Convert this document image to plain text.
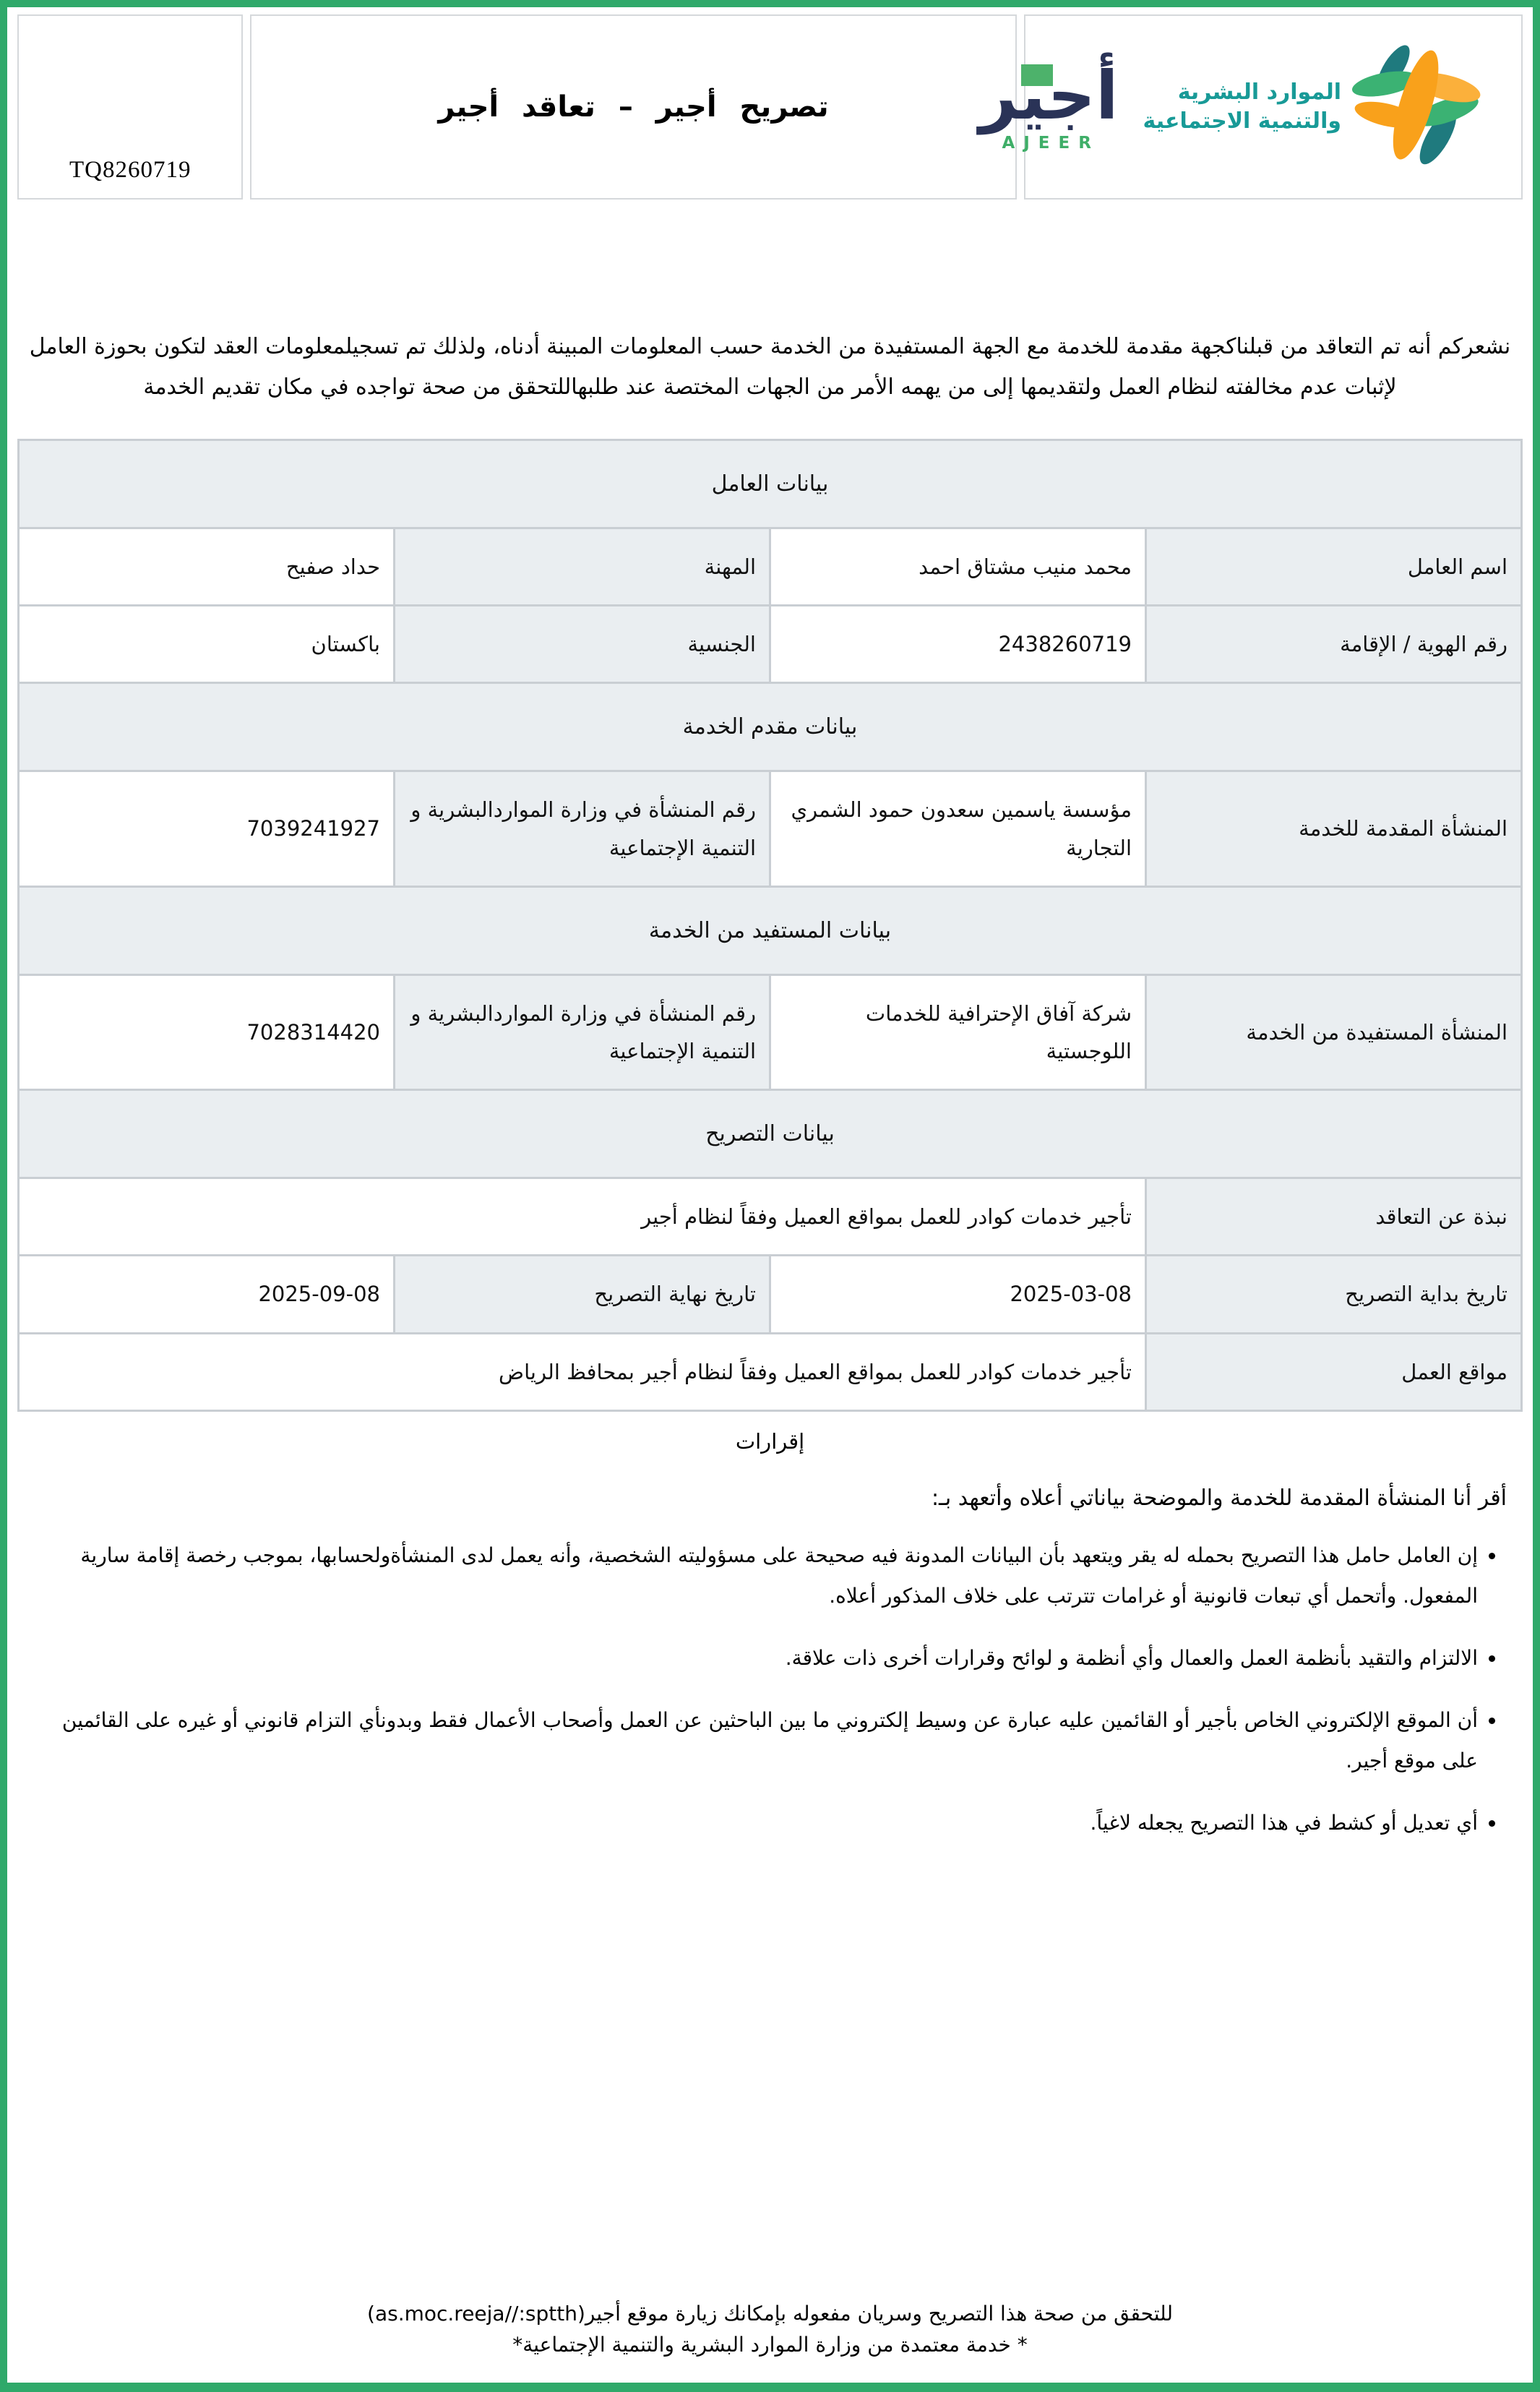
TQ8260719
تصريح أجير – تعاقد أجير أجير
AJEER
الموارد البشرية
والتنمية الاجتماعية

نشعركم أنه تم التعاقد من قبلناكجهة مقدمة للخدمة مع الجهة المستفيدة من الخدمة حسب المعلومات المبينة أدناه، ولذلك تم تسجيلمعلومات العقد لتكون بحوزة العامل لإثبات عدم مخالفته لنظام العمل ولتقديمها إلى من يهمه الأمر من الجهات المختصة عند طلبهاللتحقق من صحة تواجده في مكان تقديم الخدمة

بيانات العامل			
اسم العامل	محمد منيب مشتاق احمد	المهنة	حداد صفيح
رقم الهوية / الإقامة	2438260719	الجنسية	باكستان
بيانات مقدم الخدمة			
المنشأة المقدمة للخدمة	مؤسسة ياسمين سعدون حمود الشمري التجارية	رقم المنشأة في وزارة المواردالبشرية و التنمية الإجتماعية	7039241927
بيانات المستفيد من الخدمة			
المنشأة المستفيدة من الخدمة	شركة آفاق الإحترافية للخدمات اللوجستية	رقم المنشأة في وزارة المواردالبشرية و التنمية الإجتماعية	7028314420
بيانات التصريح			
نبذة عن التعاقد	تأجير خدمات كوادر للعمل بمواقع العميل وفقاً لنظام أجير		
تاريخ بداية التصريح	2025-03-08	تاريخ نهاية التصريح	2025-09-08
مواقع العمل	تأجير خدمات كوادر للعمل بمواقع العميل وفقاً لنظام أجير بمحافظ الرياض		
إقرارات

أقر أنا المنشأة المقدمة للخدمة والموضحة بياناتي أعلاه وأتعهد بـ:

• إن العامل حامل هذا التصريح بحمله له يقر ويتعهد بأن البيانات المدونة فيه صحيحة على مسؤوليته الشخصية، وأنه يعمل لدى المنشأةولحسابها، بموجب رخصة إقامة سارية المفعول. وأتحمل أي تبعات قانونية أو غرامات تترتب على خلاف المذكور أعلاه.
• الالتزام والتقيد بأنظمة العمل والعمال وأي أنظمة و لوائح وقرارات أخرى ذات علاقة.
• أن الموقع الإلكتروني الخاص بأجير أو القائمين عليه عبارة عن وسيط إلكتروني ما بين الباحثين عن العمل وأصحاب الأعمال فقط وبدونأي التزام قانوني أو غيره على القائمين على موقع أجير.
• أي تعديل أو كشط في هذا التصريح يجعله لاغياً.

للتحقق من صحة هذا التصريح وسريان مفعوله بإمكانك زيارة موقع أجير(as.moc.reeja//:sptth)

* خدمة معتمدة من وزارة الموارد البشرية والتنمية الإجتماعية*
